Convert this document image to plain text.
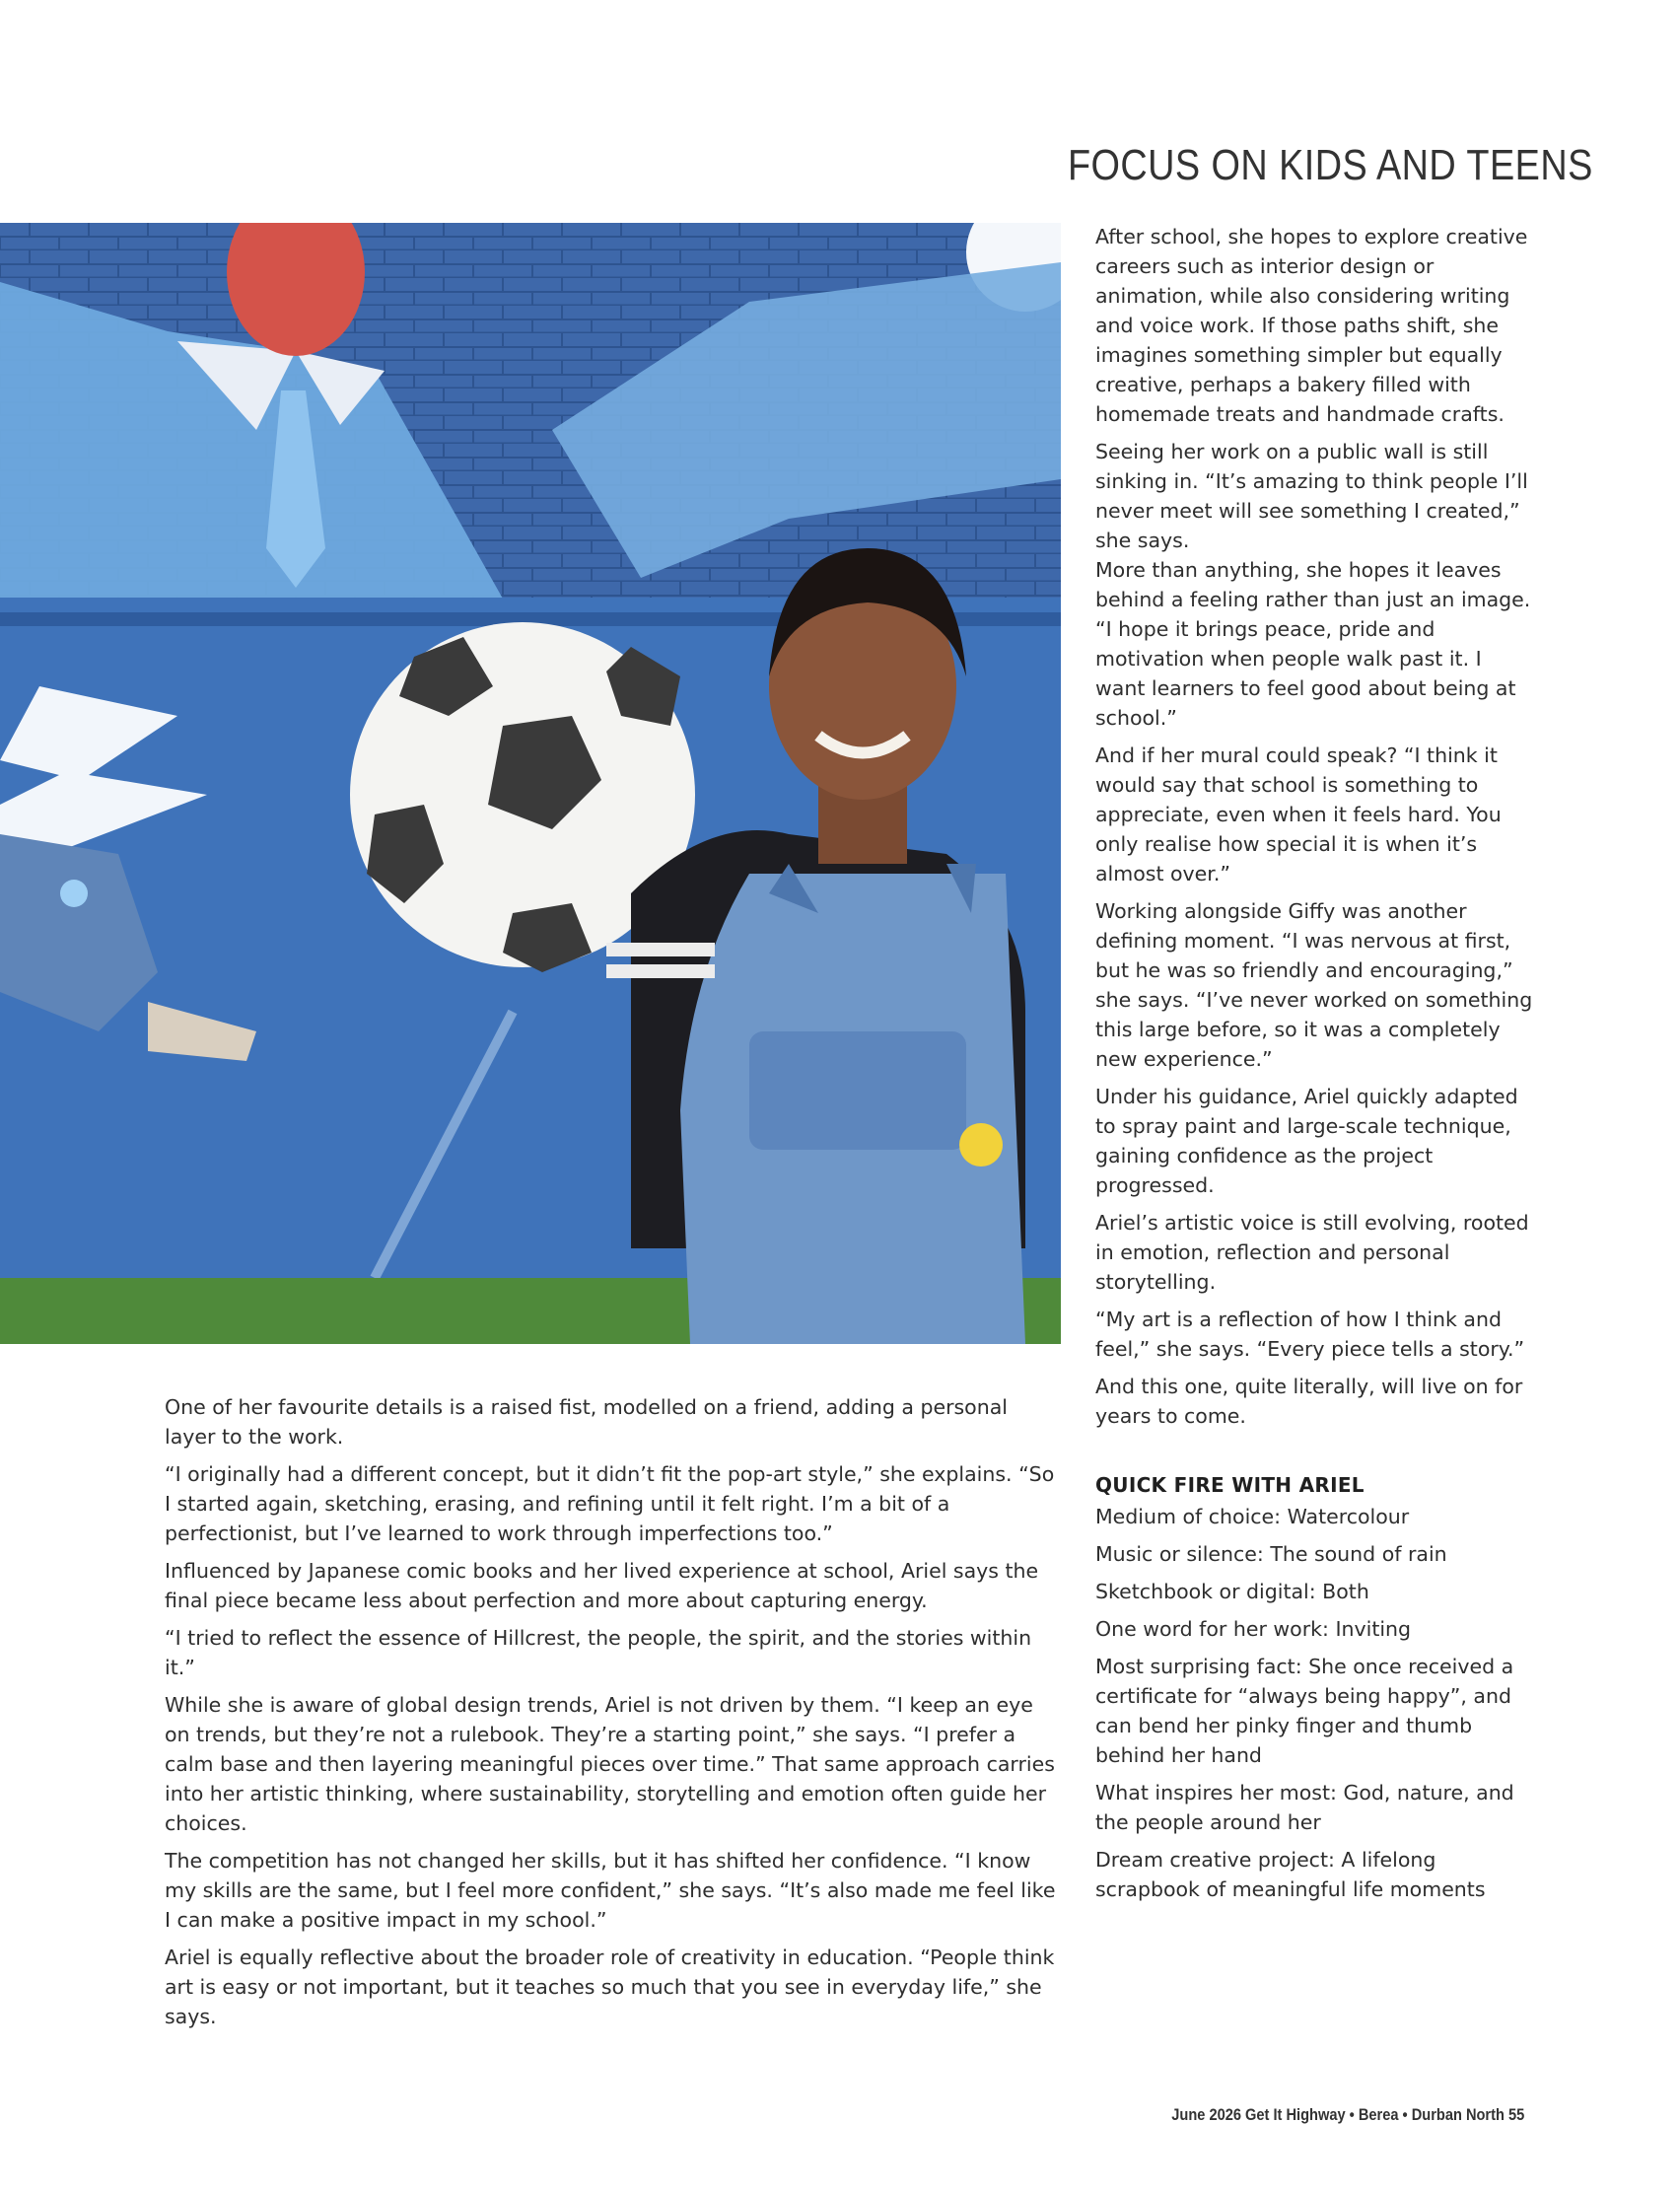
FOCUS ON KIDS AND TEENS

After school, she hopes to explore creative careers such as interior design or animation, while also considering writing and voice work. If those paths shift, she imagines something simpler but equally creative, perhaps a bakery filled with homemade treats and handmade crafts.

Seeing her work on a public wall is still sinking in. “It’s amazing to think people I’ll never meet will see something I created,” she says.

More than anything, she hopes it leaves behind a feeling rather than just an image.

“I hope it brings peace, pride and motivation when people walk past it. I want learners to feel good about being at school.”

And if her mural could speak? “I think it would say that school is something to appreciate, even when it feels hard. You only realise how special it is when it’s almost over.”

Working alongside Giffy was another defining moment. “I was nervous at first, but he was so friendly and encouraging,” she says. “I’ve never worked on something this large before, so it was a completely new experience.”

Under his guidance, Ariel quickly adapted to spray paint and large-scale technique, gaining confidence as the project progressed.

Ariel’s artistic voice is still evolving, rooted in emotion, reflection and personal storytelling.

“My art is a reflection of how I think and feel,” she says. “Every piece tells a story.”

And this one, quite literally, will live on for years to come.

QUICK FIRE WITH ARIEL
Medium of choice: Watercolour
Music or silence: The sound of rain
Sketchbook or digital: Both
One word for her work: Inviting
Most surprising fact: She once received a certificate for “always being happy”, and can bend her pinky finger and thumb behind her hand
What inspires her most: God, nature, and the people around her
Dream creative project: A lifelong scrapbook of meaningful life moments

One of her favourite details is a raised fist, modelled on a friend, adding a personal layer to the work.

“I originally had a different concept, but it didn’t fit the pop-art style,” she explains. “So I started again, sketching, erasing, and refining until it felt right. I’m a bit of a perfectionist, but I’ve learned to work through imperfections too.”

Influenced by Japanese comic books and her lived experience at school, Ariel says the final piece became less about perfection and more about capturing energy.

“I tried to reflect the essence of Hillcrest, the people, the spirit, and the stories within it.”

While she is aware of global design trends, Ariel is not driven by them. “I keep an eye on trends, but they’re not a rulebook. They’re a starting point,” she says. “I prefer a calm base and then layering meaningful pieces over time.” That same approach carries into her artistic thinking, where sustainability, storytelling and emotion often guide her choices.

The competition has not changed her skills, but it has shifted her confidence. “I know my skills are the same, but I feel more confident,” she says. “It’s also made me feel like I can make a positive impact in my school.”

Ariel is equally reflective about the broader role of creativity in education. “People think art is easy or not important, but it teaches so much that you see in everyday life,” she says.

June 2026 Get It Highway • Berea • Durban North 55
